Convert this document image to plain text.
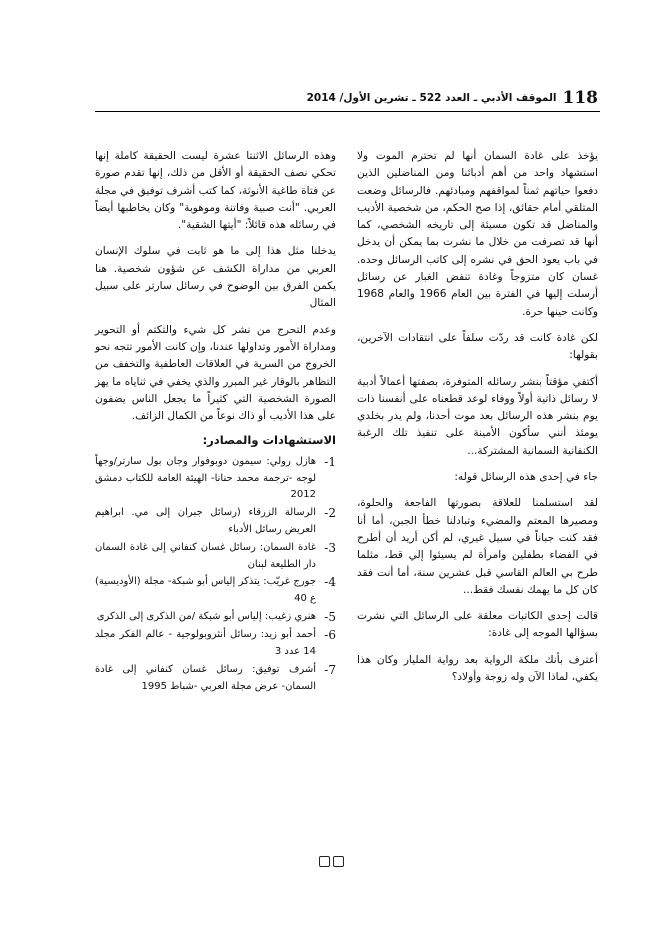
118
الموقف الأدبي ـ العدد 522 ـ تشرين الأول/ 2014

يؤخذ على غادة السمان أنها لم تحترم الموت ولا استشهاد واحد من أهم أدبائنا ومن المناضلين الذين دفعوا حياتهم ثمناً لمواقفهم ومبادئهم. فالرسائل وضعت المتلقي أمام حقائق، إذا صح الحكم، من شخصية الأديب والمناضل قد تكون مسيئة إلى تاريخه الشخصي، كما أنها قد تصرفت من خلال ما نشرت بما يمكن أن يدخل في باب يعود الحق في نشره إلى كاتب الرسائل وحده. غسان كان متزوجاً وغادة تنفض الغبار عن رسائل أرسلت إليها في الفترة بين العام 1966 والعام 1968 وكانت حينها حرة.

لكن غادة كانت قد ردّت سلفاً على انتقادات الآخرين، بقولها:

أكتفي مؤقتاً بنشر رسائله المتوفرة، بصفتها أعمالاً أدبية لا رسائل ذاتية أولاً ووفاء لوعد قطعناه على أنفسنا ذات يوم بنشر هذه الرسائل بعد موت أحدنا، ولم يدر بخلدي يومئذ أنني سأكون الأمينة على تنفيذ تلك الرغبة الكنفانية السمانية المشتركة...

جاء في إحدى هذه الرسائل قوله:

لقد استسلمنا للعلاقة بصورتها الفاجعة والحلوة، ومصيرها المعتم والمضيء وتبادلنا خطأ الجبن، أما أنا فقد كنت جباناً في سبيل غيري، لم أكن أريد أن أطرح في الفضاء بطفلين وامرأة لم يسيئوا إلي قط، مثلما طرح بي العالم القاسي قبل عشرين سنة، أما أنت فقد كان كل ما يهمك نفسك فقط...

قالت إحدى الكاتبات معلقة على الرسائل التي نشرت بسؤالها الموجه إلى غادة:

أعترف بأنك ملكة الرواية بعد رواية المليار وكان هذا يكفي، لماذا الآن وله زوجة وأولاد؟

وهذه الرسائل الاثنتا عشرة ليست الحقيقة كاملة إنها تحكي نصف الحقيقة أو الأقل من ذلك، إنها تقدم صورة عن فتاة طاغية الأنوثة، كما كتب أشرف توفيق في مجلة العربي. "أنت صبية وفاتنة وموهوبة" وكان يخاطبها أيضاً في رسائله هذه قائلاً: "أيتها الشقية".

يدخلنا مثل هذا إلى ما هو ثابت في سلوك الإنسان العربي من مداراة الكشف عن شؤون شخصية. هنا يكمن الفرق بين الوضوح في رسائل سارتر على سبيل المثال

وعدم التحرج من نشر كل شيء والتكتم أو التحوير ومداراة الأمور وتداولها عندنا، وإن كانت الأمور تتجه نحو الخروج من السرية في العلاقات العاطفية والتخفف من التظاهر بالوقار غير المبرر والذي يخفي في ثناياه ما يهز الصورة الشخصية التي كثيراً ما يجعل الناس يضفون على هذا الأديب أو ذاك نوعاً من الكمال الزائف.

الاستشهادات والمصادر:

1-
هازل رولي: سيمون دوبوفوار وجان بول سارتر/وجهاً لوجه -ترجمة محمد حنانا- الهيئة العامة للكتاب دمشق 2012
2-
الرسالة الزرقاء (رسائل جبران إلى مي. ابراهيم العريض رسائل الأدباء
3-
غادة السمان: رسائل غسان كنفاني إلى غادة السمان دار الطليعة لبنان
4-
جورج غريّب: يتذكر إلياس أبو شبكة- مجلة (الأوديسية) ع 40
5-
هنري زغيب: إلياس أبو شبكة /من الذكرى إلى الذكرى
6-
أحمد أبو زيد: رسائل أنثروبولوجية - عالم الفكر مجلد 14 عدد 3
7-
أشرف توفيق: رسائل غسان كنفاني إلى غادة السمان- عرض مجلة العربي -شباط 1995
